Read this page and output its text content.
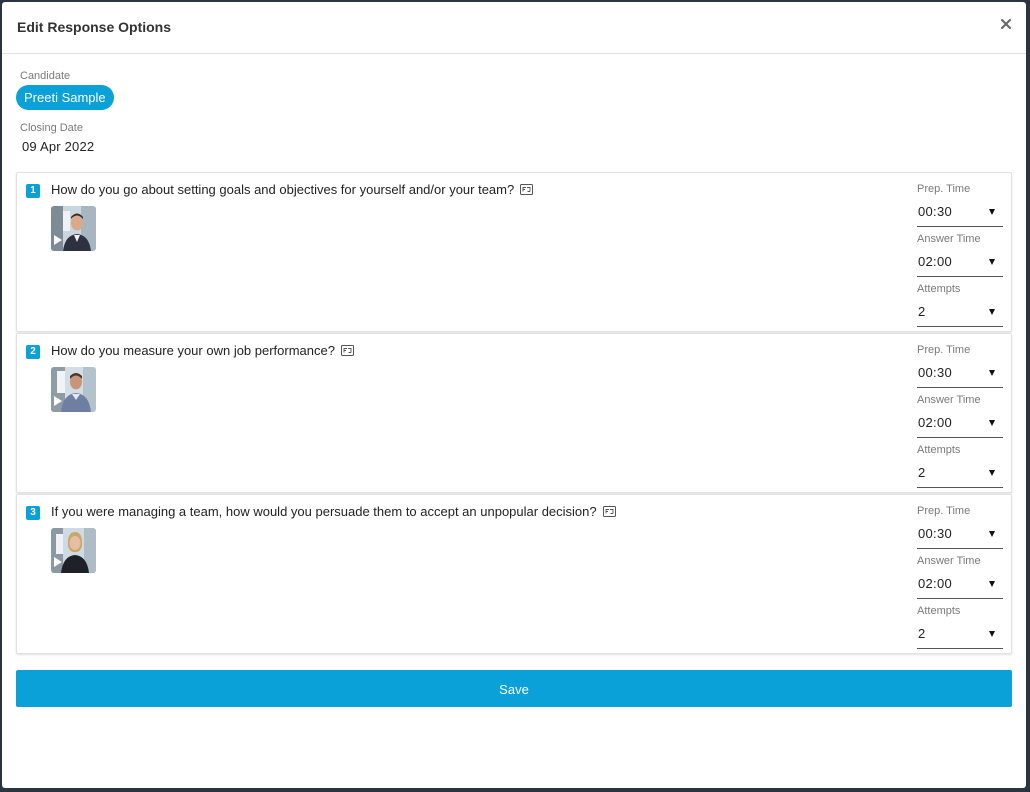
Edit Response Options
Candidate
Preeti Sample
Closing Date
09 Apr 2022
1	How do you go about setting goals and objectives for yourself and/or your team?	Prep. Time
00:30
Answer Time
02:00
Attempts
2
2	How do you measure your own job performance?	Prep. Time
00:30
Answer Time
02:00
Attempts
2
3	If you were managing a team, how would you persuade them to accept an unpopular decision?	Prep. Time
00:30
Answer Time
02:00
Attempts
2
Save
